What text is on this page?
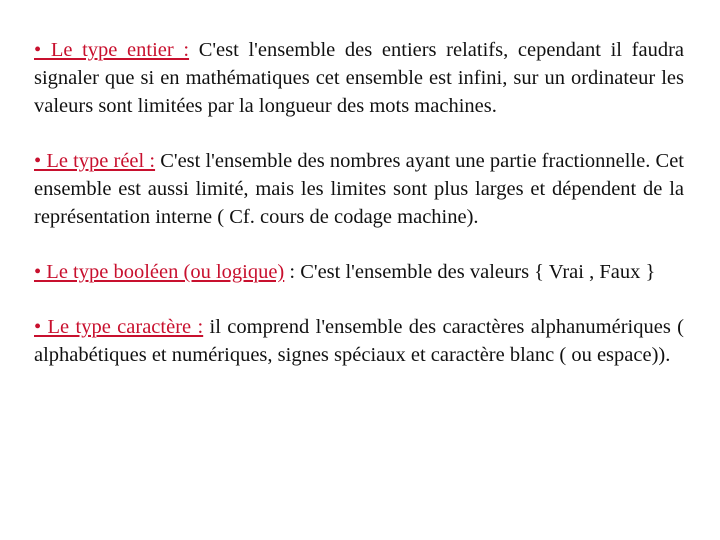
• Le type entier : C'est l'ensemble des entiers relatifs, cependant il faudra signaler que si en mathématiques cet ensemble est infini, sur un ordinateur les valeurs sont limitées par la longueur des mots machines.

• Le type réel : C'est l'ensemble des nombres ayant une partie fractionnelle. Cet ensemble est aussi limité, mais les limites sont plus larges et dépendent de la représentation interne ( Cf. cours de codage machine).

• Le type booléen (ou logique) : C'est l'ensemble des valeurs { Vrai , Faux }

• Le type caractère : il comprend l'ensemble des caractères alphanumériques ( alphabétiques et numériques, signes spéciaux et caractère blanc ( ou espace)).
